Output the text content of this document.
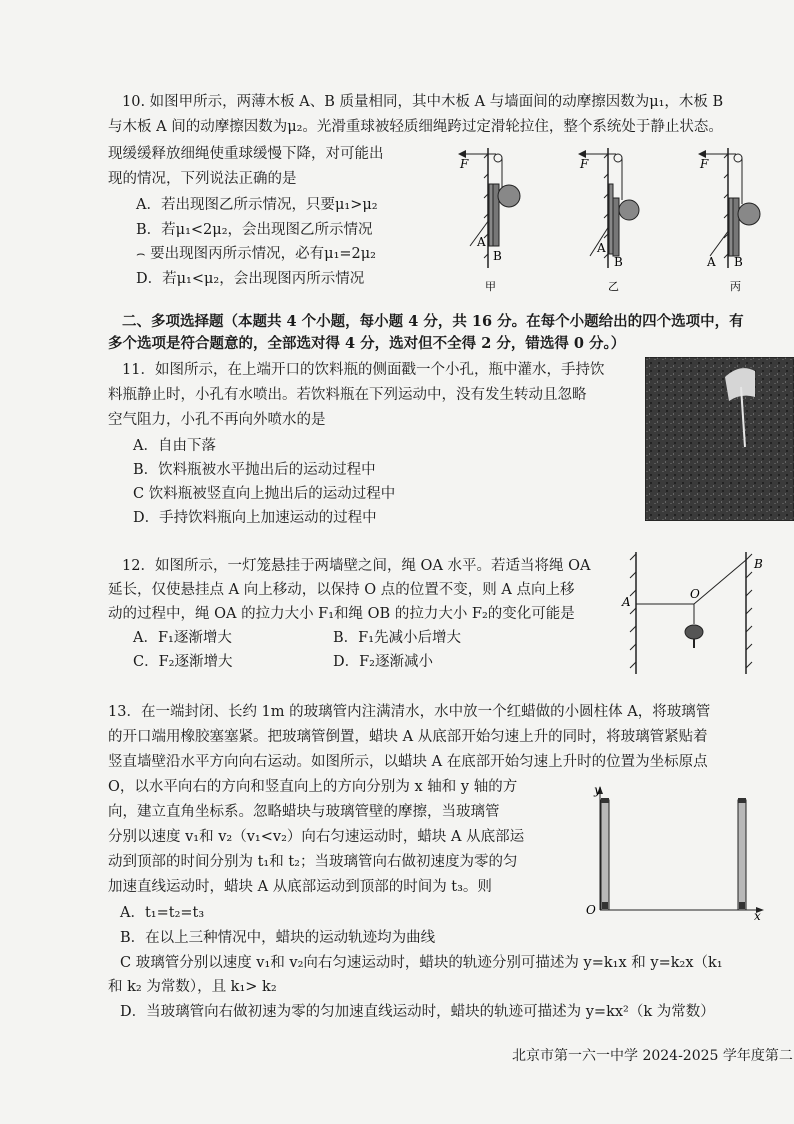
10. 如图甲所示，两薄木板 A、B 质量相同，其中木板 A 与墙面间的动摩擦因数为μ₁，木板 B
与木板 A 间的动摩擦因数为μ₂。光滑重球被轻质细绳跨过定滑轮拉住，整个系统处于静止状态。
现缓缓释放细绳使重球缓慢下降，对可能出
现的情况，下列说法正确的是
A．若出现图乙所示情况，只要μ₁>μ₂
B．若μ₁<2μ₂，会出现图乙所示情况
⌢ 要出现图丙所示情况，必有μ₁=2μ₂
D．若μ₁<μ₂，会出现图丙所示情况
F
A
B
甲
F
A
B
乙
F
A B
丙
二、多项选择题（本题共 4 个小题，每小题 4 分，共 16 分。在每个小题给出的四个选项中，有
多个选项是符合题意的，全部选对得 4 分，选对但不全得 2 分，错选得 0 分。）
11．如图所示，在上端开口的饮料瓶的侧面戳一个小孔，瓶中灌水，手持饮
料瓶静止时，小孔有水喷出。若饮料瓶在下列运动中，没有发生转动且忽略
空气阻力，小孔不再向外喷水的是
A．自由下落
B．饮料瓶被水平抛出后的运动过程中
C 饮料瓶被竖直向上抛出后的运动过程中
D．手持饮料瓶向上加速运动的过程中
12．如图所示，一灯笼悬挂于两墙壁之间，绳 OA 水平。若适当将绳 OA
延长，仅使悬挂点 A 向上移动，以保持 O 点的位置不变，则 A 点向上移
动的过程中，绳 OA 的拉力大小 F₁和绳 OB 的拉力大小 F₂的变化可能是
A．F₁逐渐增大	B．F₁先减小后增大
C．F₂逐渐增大	D．F₂逐渐减小
A
B
O
13．在一端封闭、长约 1m 的玻璃管内注满清水，水中放一个红蜡做的小圆柱体 A，将玻璃管
的开口端用橡胶塞塞紧。把玻璃管倒置，蜡块 A 从底部开始匀速上升的同时，将玻璃管紧贴着
竖直墙壁沿水平方向向右运动。如图所示，以蜡块 A 在底部开始匀速上升时的位置为坐标原点
O，以水平向右的方向和竖直向上的方向分别为 x 轴和 y 轴的方
向，建立直角坐标系。忽略蜡块与玻璃管壁的摩擦，当玻璃管
分别以速度 v₁和 v₂（v₁<v₂）向右匀速运动时，蜡块 A 从底部运
动到顶部的时间分别为 t₁和 t₂；当玻璃管向右做初速度为零的匀
加速直线运动时，蜡块 A 从底部运动到顶部的时间为 t₃。则
A．t₁=t₂=t₃
B．在以上三种情况中，蜡块的运动轨迹均为曲线
C 玻璃管分别以速度 v₁和 v₂向右匀速运动时，蜡块的轨迹分别可描述为 y=k₁x 和 y=k₂x（k₁
和 k₂ 为常数），且 k₁> k₂
D．当玻璃管向右做初速为零的匀加速直线运动时，蜡块的轨迹可描述为 y=kx²（k 为常数）
y
O	x
北京市第一六一中学 2024-2025 学年度第二
